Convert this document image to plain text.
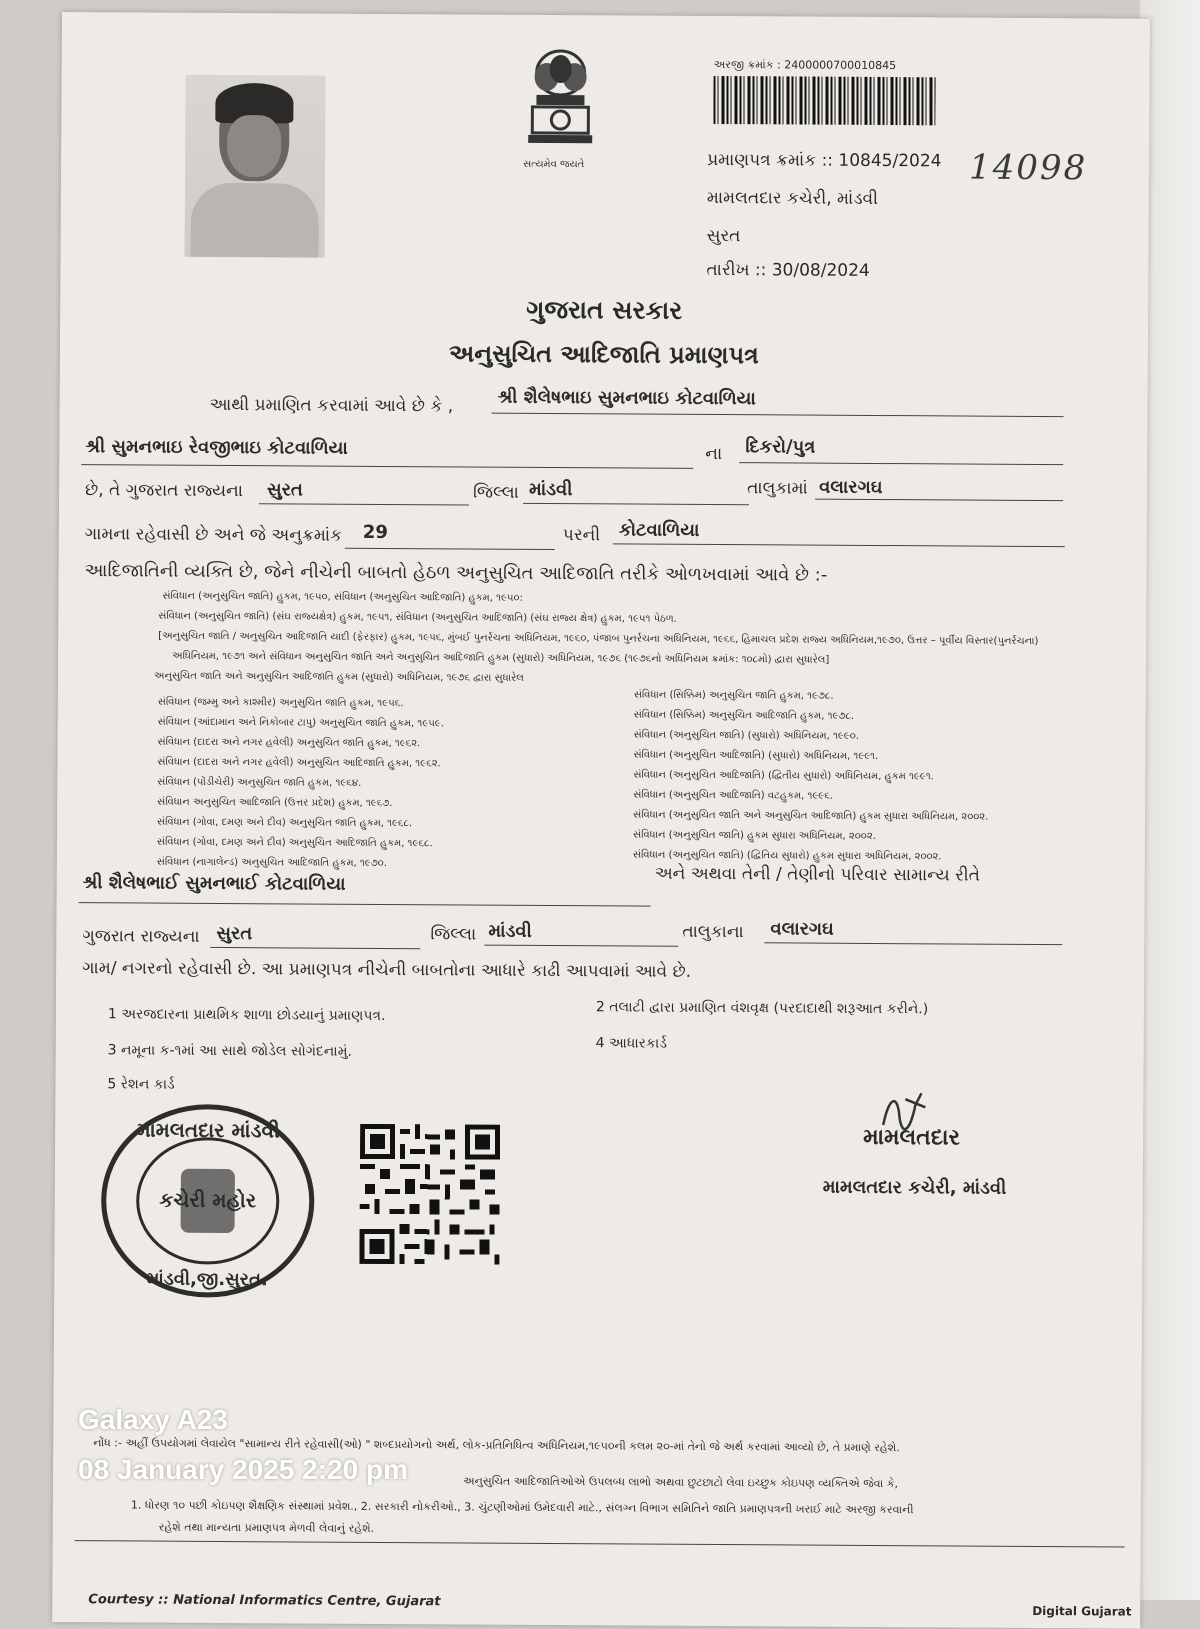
સત્યમેવ જયતે
અરજી ક્રમાંક : 2400000700010845
પ્રમાણપત્ર ક્રમાંક :: 10845/2024 14098
મામલતદાર કચેરી, માંડવી
સુરત
તારીખ :: 30/08/2024
ગુજરાત સરકાર
અનુસુચિત આદિજાતિ પ્રમાણપત્ર
આથી પ્રમાણિત કરવામાં આવે છે કે , શ્રી શૈલેષભાઇ સુમનભાઇ કોટવાળિયા
શ્રી સુમનભાઇ રેવજીભાઇ કોટવાળિયા	ના દિકરો/પુત્ર
છે, તે ગુજરાત રાજ્યના સુરત	જિલ્લા માંડવી	તાલુકામાં વલારગઘ
ગામના રહેવાસી છે અને જે અનુક્રમાંક 29	પરની કોટવાળિયા
આદિજાતિની વ્યક્તિ છે, જેને નીચેની બાબતો હેઠળ અનુસુચિત આદિજાતિ તરીકે ઓળખવામાં આવે છે :-
સંવિધાન (અનુસુચિત જાતિ) હુકમ, ૧૯૫૦, સંવિધાન (અનુસુચિત આદિજાતિ) હુકમ, ૧૯૫૦:
સંવિધાન (અનુસુચિત જાતિ) (સંઘ રાજ્યક્ષેત્ર) હુકમ, ૧૯૫૧, સંવિધાન (અનુસુચિત આદિજાતિ) (સંઘ રાજ્ય ક્ષેત્ર) હુકમ, ૧૯૫૧ પેઠળ.
[અનુસુચિત જાતિ / અનુસુચિત આદિજાતિ યાદી (ફેરફાર) હુકમ, ૧૯૫૬, મુંબઈ પુનર્રચના અધિનિયમ, ૧૯૬૦, પંજાબ પુનર્રચના અધિનિયમ, ૧૯૬૬, હિમાચલ પ્રદેશ રાજ્ય અધિનિયમ,૧૯૭૦, ઉત્તર – પૂર્વીય વિસ્તાર(પુનર્રચના)
અધિનિયમ, ૧૯૭૧ અને સંવિધાન અનુસુચિત જાતિ અને અનુસુચિત આદિજાતિ હુકમ (સુધારો) અધિનિયમ, ૧૯૭૬ (૧૯૭૬નો અધિનિયમ ક્રમાંક: ૧૦૮મો) દ્વારા સુધારેલ]
અનુસુચિત જાતિ અને અનુસુચિત આદિજાતિ હુકમ (સુધારો) અધિનિયમ, ૧૯૭૬ દ્વારા સુધારેલ
સંવિધાન (જમ્મુ અને કાશ્મીર) અનુસુચિત જાતિ હુકમ, ૧૯૫૬.
સંવિધાન (આંદામાન અને નિકોબાર ટાપુ) અનુસુચિત જાતિ હુકમ, ૧૯૫૯.
સંવિધાન (દાદરા અને નગર હવેલી) અનુસુચિત જાતિ હુકમ, ૧૯૬૨.
સંવિધાન (દાદરા અને નગર હવેલી) અનુસુચિત આદિજાતિ હુકમ, ૧૯૬૨.
સંવિધાન (પોંડીચેરી) અનુસુચિત જાતિ હુકમ, ૧૯૬૪.
સંવિધાન અનુસુચિત આદિજાતિ (ઉત્તર પ્રદેશ) હુકમ, ૧૯૬૭.
સંવિધાન (ગોવા, દમણ અને દીવ) અનુસુચિત જાતિ હુકમ, ૧૯૬૮.
સંવિધાન (ગોવા, દમણ અને દીવ) અનુસુચિત આદિજાતિ હુકમ, ૧૯૬૮.
સંવિધાન (નાગાલેન્ડ) અનુસુચિત આદિજાતિ હુકમ, ૧૯૭૦.
સંવિધાન (સિક્કિમ) અનુસુચિત જાતિ હુકમ, ૧૯૭૮.
સંવિધાન (સિક્કિમ) અનુસુચિત આદિજાતિ હુકમ, ૧૯૭૮.
સંવિધાન (અનુસુચિત જાતિ) (સુધારો) અધિનિયમ, ૧૯૯૦.
સંવિધાન (અનુસુચિત આદિજાતિ) (સુધારો) અધિનિયમ, ૧૯૯૧.
સંવિધાન (અનુસુચિત આદિજાતિ) (દ્વિતીય સુધારો) અધિનિયમ, હુકમ ૧૯૯૧.
સંવિધાન (અનુસુચિત આદિજાતિ) વટહુકમ, ૧૯૯૬.
સંવિધાન (અનુસુચિત જાતિ અને અનુસુચિત આદિજાતિ) હુકમ સુધારા અધિનિયમ, ૨૦૦૨.
સંવિધાન (અનુસુચિત જાતિ) હુકમ સુધારા અધિનિયમ, ૨૦૦૨.
સંવિધાન (અનુસુચિત જાતિ) (દ્વિતિય સુધારો) હુકમ સુધારા અધિનિયમ, ૨૦૦૨.
અને અથવા તેની / તેણીનો પરિવાર સામાન્ય રીતે
શ્રી શૈલેષભાઈ સુમનભાઈ કોટવાળિયા
ગુજરાત રાજ્યના સુરત	જિલ્લા માંડવી	તાલુકાના વલારગઘ
ગામ/ નગરનો રહેવાસી છે. આ પ્રમાણપત્ર નીચેની બાબતોના આધારે કાઢી આપવામાં આવે છે.
1 અરજદારના પ્રાથમિક શાળા છોડયાનું પ્રમાણપત્ર.	2 તલાટી દ્વારા પ્રમાણિત વંશવૃક્ષ (પરદાદાથી શરૂઆત કરીને.)
3 નમૂના ક-૧માં આ સાથે જોડેલ સોગંદનામું.	4 આધારકાર્ડ
5 રેશન કાર્ડ
મામલતદાર માંડવી
કચેરી મહોર
માંડવી,જી.સુરત.
મામલતદાર
મામલતદાર કચેરી, માંડવી
નોંધ :- અહીં ઉપયોગમાં લેવાયેલ "સામાન્ય રીતે રહેવાસી(ઓ) " શબ્દપ્રયોગનો અર્થ, લોક-પ્રતિનિધિત્વ અધિનિયમ,૧૯૫૦ની કલમ ૨૦-માં તેનો જે અર્થ કરવામાં આવ્યો છે, તે પ્રમાણે રહેશે.
અનુસુચિત આદિજાતિઓએ ઉપલબ્ધ લાભો અથવા છુટછાટો લેવા ઇચ્છુક કોઇપણ વ્યક્તિએ જેવા કે,
1. ધોરણ ૧૦ પછી કોઇપણ શૈક્ષણિક સંસ્થામાં પ્રવેશ., 2. સરકારી નોકરીઓ., 3. ચુંટણીઓમાં ઉમેદવારી માટે., સંલગ્ન વિભાગ સમિતિને જાતિ પ્રમાણપત્રની ખરાઈ માટે અરજી કરવાની
રહેશે તથા માન્યતા પ્રમાણપત્ર મેળવી લેવાનું રહેશે.
Courtesy :: National Informatics Centre, Gujarat
Digital Gujarat
Galaxy A23
08 January 2025 2:20 pm
